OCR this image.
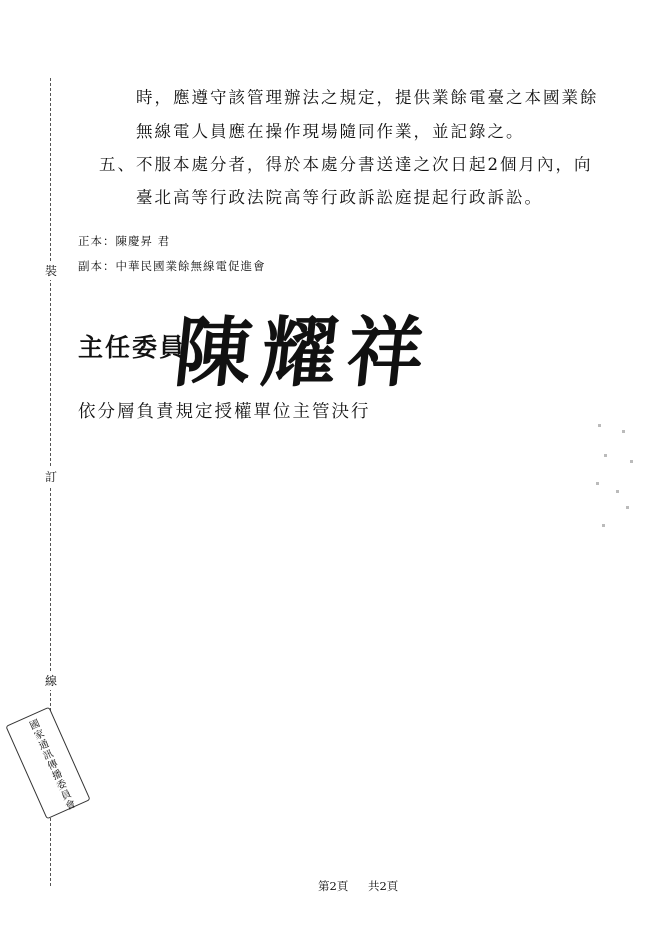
裝
訂
線
國家通訊傳播委員會
時，應遵守該管理辦法之規定，提供業餘電臺之本國業餘
無線電人員應在操作現場隨同作業，並記錄之。
五、不服本處分者，得於本處分書送達之次日起2個月內，向
臺北高等行政法院高等行政訴訟庭提起行政訴訟。
正本：陳慶昇 君
副本：中華民國業餘無線電促進會
主任委員
陳耀祥
依分層負責規定授權單位主管決行
第2頁 共2頁
